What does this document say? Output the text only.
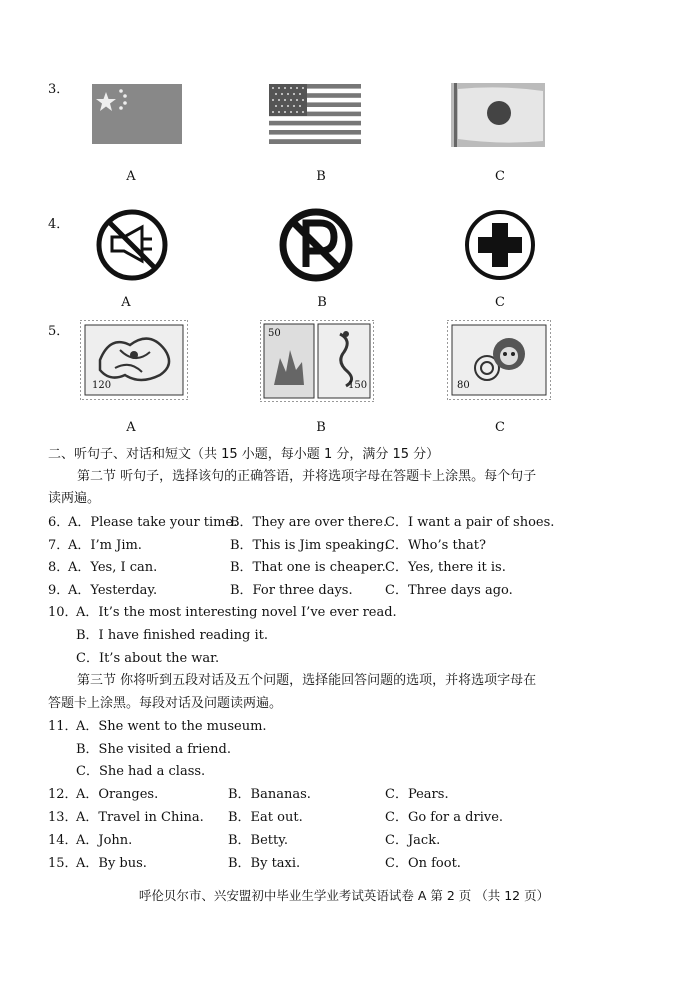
3．
A	B	C
4．
A	B	C
5．
120
50
150	80
A	B	C
二、听句子、对话和短文（共 15 小题，每小题 1 分，满分 15 分）
第二节 听句子，选择该句的正确答语，并将选项字母在答题卡上涂黑。每个句子
读两遍。
6．
A．Please take your time.
B．They are over there.
C．I want a pair of shoes.
7．
A．I’m Jim.	B．This is Jim speaking.
C．Who’s that?
8．
A．Yes, I can.	B．That one is cheaper. C．Yes, there it is.
9．
A．Yesterday.	B．For three days. C．Three days ago.
10．
A．It’s the most interesting novel I’ve ever read.
B．I have finished reading it.
C．It’s about the war.
第三节 你将听到五段对话及五个问题，选择能回答问题的选项，并将选项字母在
答题卡上涂黑。每段对话及问题读两遍。
11．
A．She went to the museum.
B．She visited a friend.
C．She had a class.
12．
A．Oranges.	B．Bananas.	C．Pears.
13．
A．Travel in China. B．Eat out.	C．Go for a drive.
14．
A．John.	B．Betty.	C．Jack.
15．
A．By bus.	B．By taxi.	C．On foot.
呼伦贝尔市、兴安盟初中毕业生学业考试英语试卷 A 第 2 页 （共 12 页）
